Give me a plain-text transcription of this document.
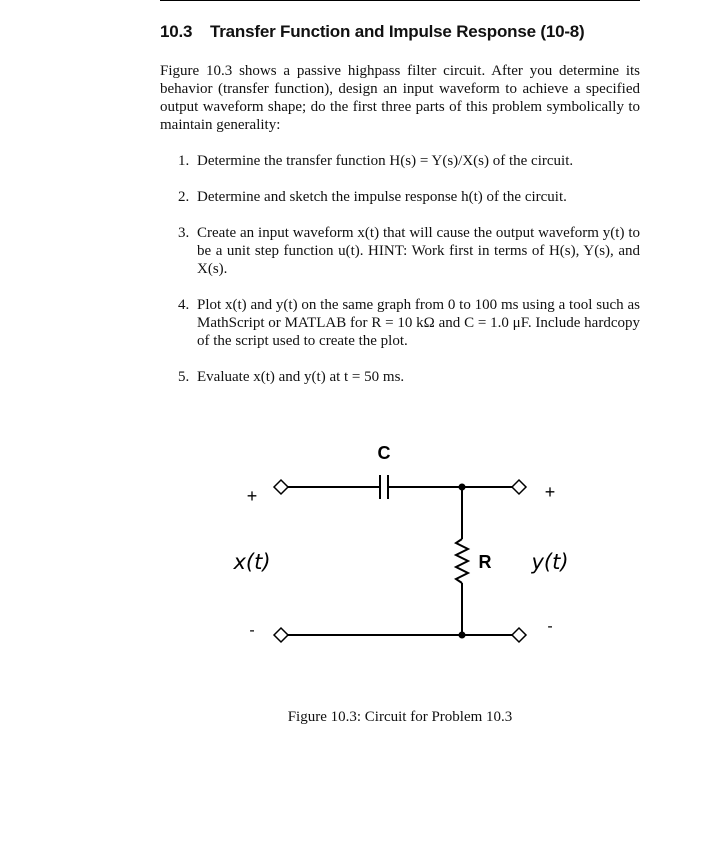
10.3 Transfer Function and Impulse Response (10-8)

Figure 10.3 shows a passive highpass filter circuit. After you determine its behavior (transfer function), design an input waveform to achieve a specified output waveform shape; do the first three parts of this problem symbolically to maintain generality:

1. Determine the transfer function H(s) = Y(s)/X(s) of the circuit.
2. Determine and sketch the impulse response h(t) of the circuit.
3. Create an input waveform x(t) that will cause the output waveform y(t) to be a unit step function u(t). HINT: Work first in terms of H(s), Y(s), and X(s).
4. Plot x(t) and y(t) on the same graph from 0 to 100 ms using a tool such as MathScript or MATLAB for R = 10 kΩ and C = 1.0 μF. Include hardcopy of the script used to create the plot.
5. Evaluate x(t) and y(t) at t = 50 ms.
C
R
+
-
+
-
x(t)	y(t)
Figure 10.3: Circuit for Problem 10.3
